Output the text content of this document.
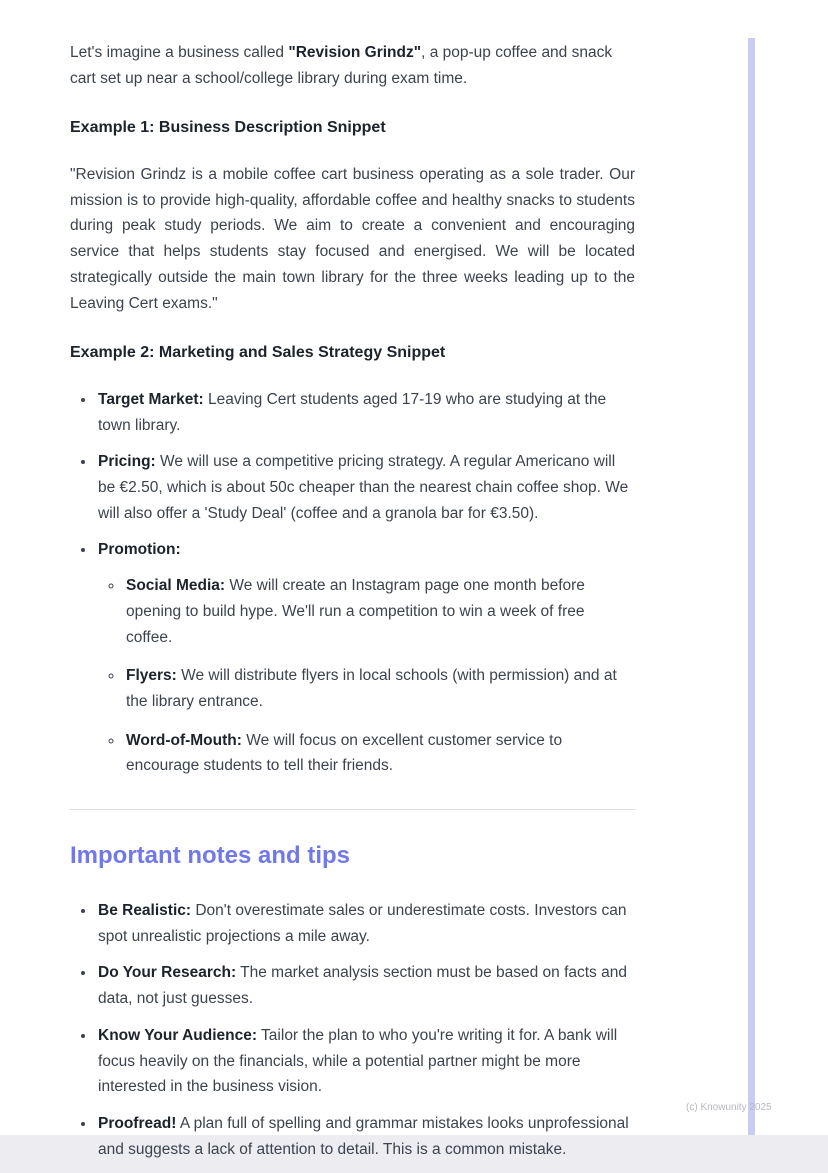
Let's imagine a business called "Revision Grindz", a pop-up coffee and snack cart set up near a school/college library during exam time.

Example 1: Business Description Snippet

"Revision Grindz is a mobile coffee cart business operating as a sole trader. Our mission is to provide high-quality, affordable coffee and healthy snacks to students during peak study periods. We aim to create a convenient and encouraging service that helps students stay focused and energised. We will be located strategically outside the main town library for the three weeks leading up to the Leaving Cert exams."

Example 2: Marketing and Sales Strategy Snippet
• Target Market: Leaving Cert students aged 17-19 who are studying at the town library.
• Pricing: We will use a competitive pricing strategy. A regular Americano will be €2.50, which is about 50c cheaper than the nearest chain coffee shop. We will also offer a 'Study Deal' (coffee and a granola bar for €3.50).
• Promotion:
◦ Social Media: We will create an Instagram page one month before opening to build hype. We'll run a competition to win a week of free coffee.
◦ Flyers: We will distribute flyers in local schools (with permission) and at the library entrance.
◦ Word-of-Mouth: We will focus on excellent customer service to encourage students to tell their friends.
Important notes and tips
• Be Realistic: Don't overestimate sales or underestimate costs. Investors can spot unrealistic projections a mile away.
• Do Your Research: The market analysis section must be based on facts and data, not just guesses.
• Know Your Audience: Tailor the plan to who you're writing it for. A bank will focus heavily on the financials, while a potential partner might be more interested in the business vision.
• Proofread! A plan full of spelling and grammar mistakes looks unprofessional and suggests a lack of attention to detail. This is a common mistake.
(c) Knowunity 2025
